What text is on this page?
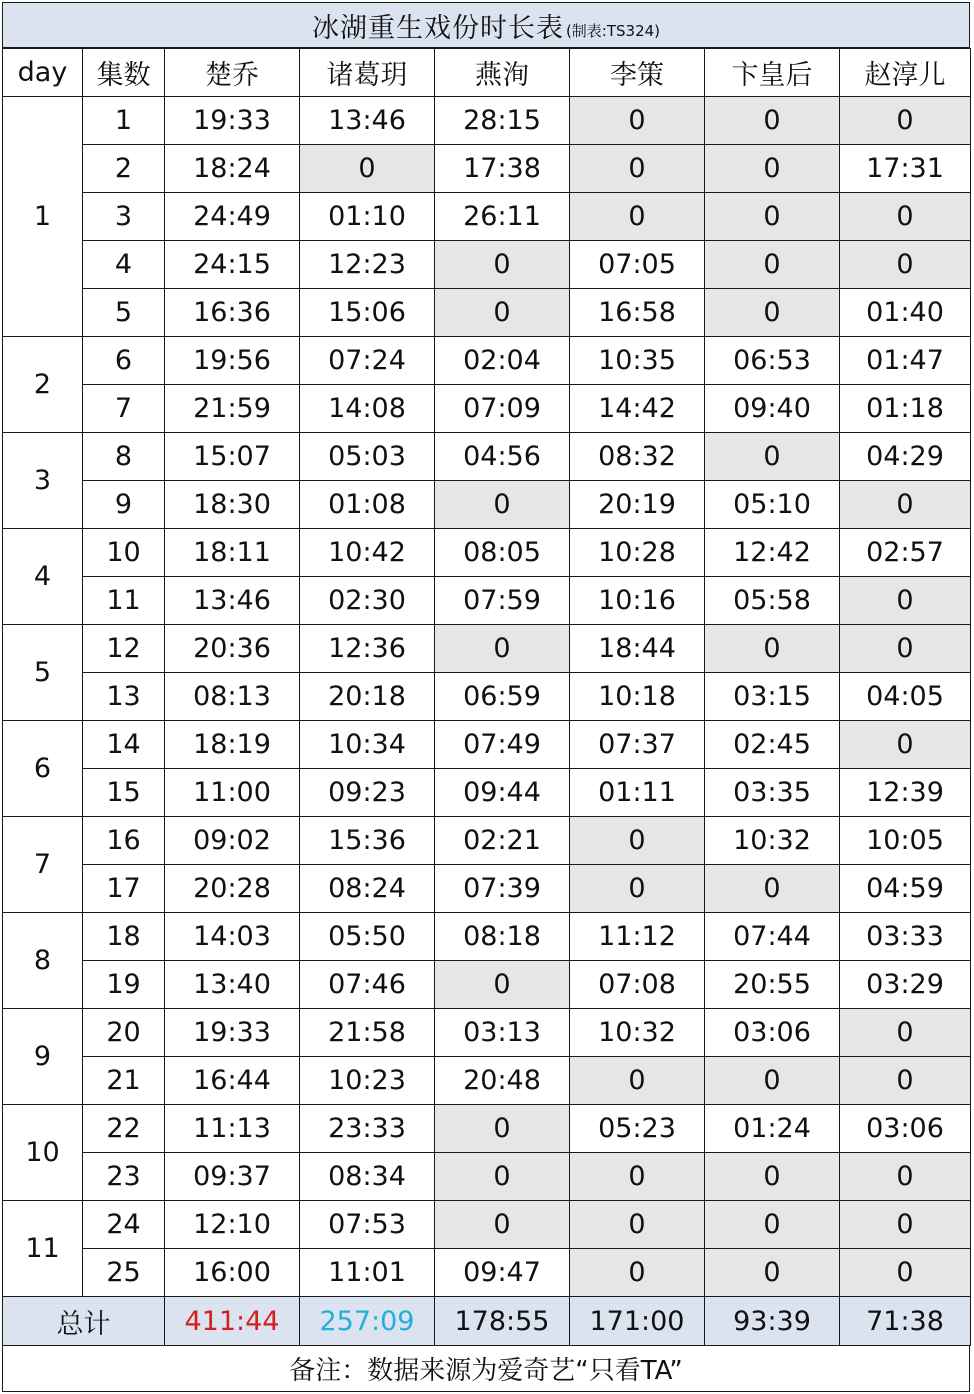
冰湖重生戏份时长表 (制表:TS324)
day	集数	楚乔	诸葛玥	燕洵	李策	卞皇后	赵淳儿
1	1	19:33	13:46	28:15	0	0	0
	2	18:24	0	17:38	0	0	17:31
	3	24:49	01:10	26:11	0	0	0
	4	24:15	12:23	0	07:05	0	0
	5	16:36	15:06	0	16:58	0	01:40
2	6	19:56	07:24	02:04	10:35	06:53	01:47
	7	21:59	14:08	07:09	14:42	09:40	01:18
3	8	15:07	05:03	04:56	08:32	0	04:29
	9	18:30	01:08	0	20:19	05:10	0
4	10	18:11	10:42	08:05	10:28	12:42	02:57
	11	13:46	02:30	07:59	10:16	05:58	0
5	12	20:36	12:36	0	18:44	0	0
	13	08:13	20:18	06:59	10:18	03:15	04:05
6	14	18:19	10:34	07:49	07:37	02:45	0
	15	11:00	09:23	09:44	01:11	03:35	12:39
7	16	09:02	15:36	02:21	0	10:32	10:05
	17	20:28	08:24	07:39	0	0	04:59
8	18	14:03	05:50	08:18	11:12	07:44	03:33
	19	13:40	07:46	0	07:08	20:55	03:29
9	20	19:33	21:58	03:13	10:32	03:06	0
	21	16:44	10:23	20:48	0	0	0
10	22	11:13	23:33	0	05:23	01:24	03:06
	23	09:37	08:34	0	0	0	0
11	24	12:10	07:53	0	0	0	0
	25	16:00	11:01	09:47	0	0	0
总计		411:44	257:09	178:55	171:00	93:39	71:38
备注：数据来源为爱奇艺“只看TA”
